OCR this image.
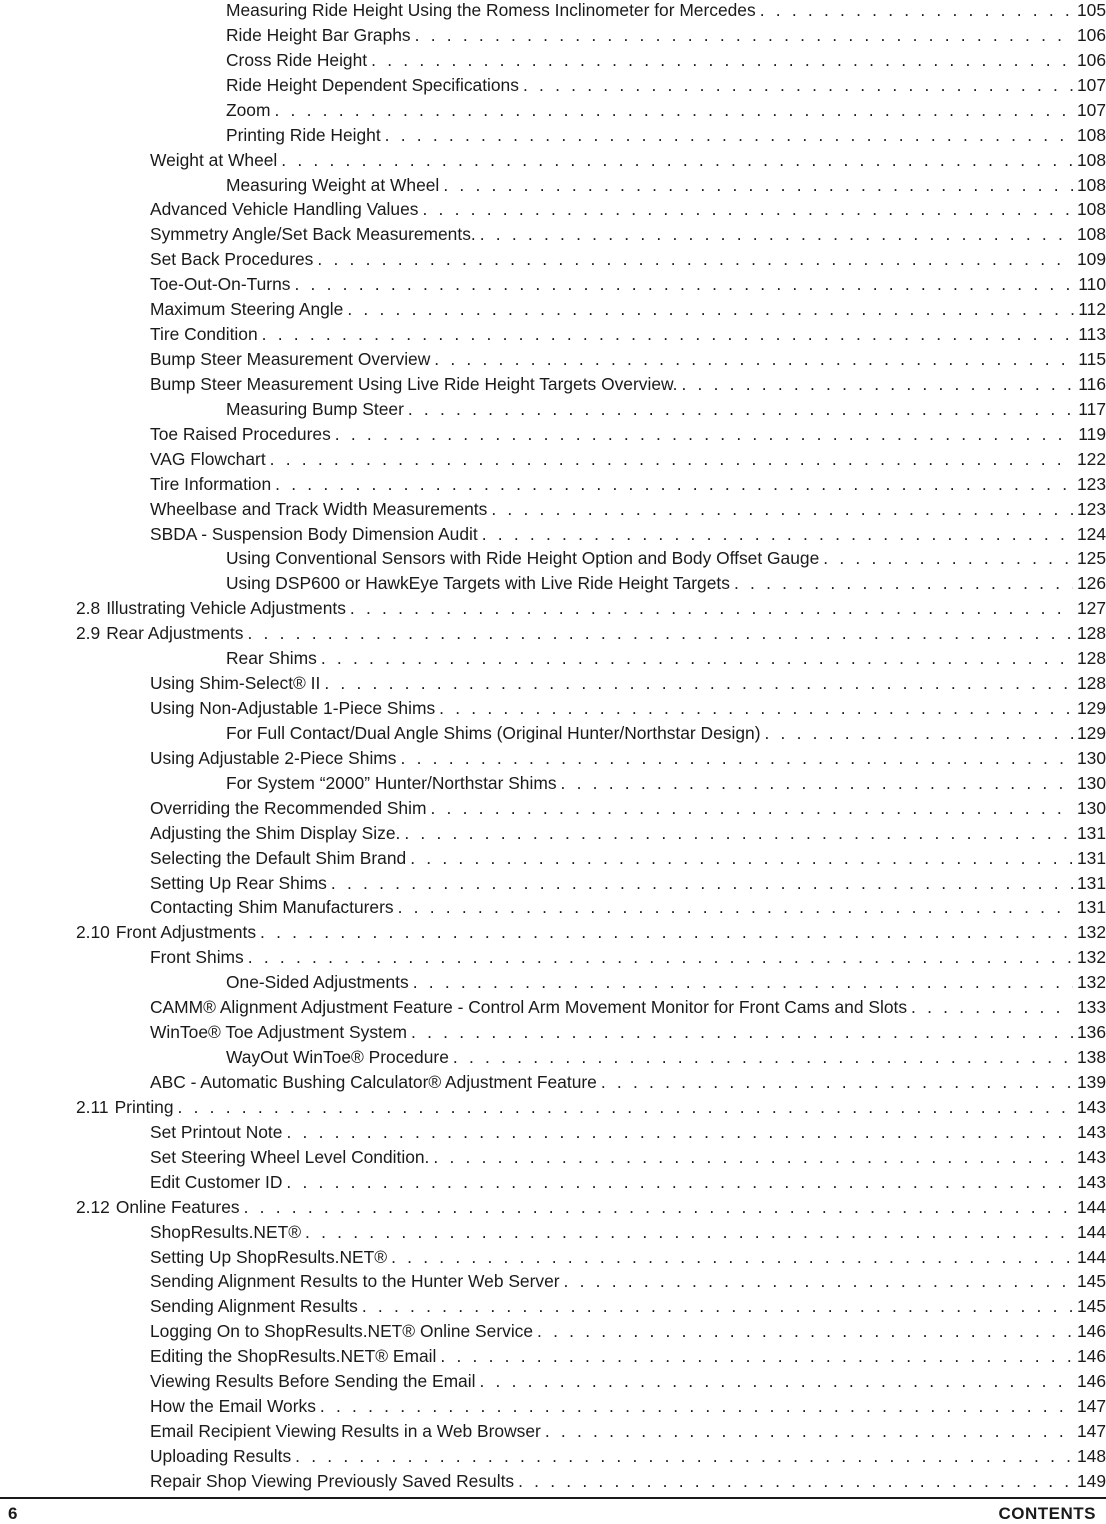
Measuring Ride Height Using the Romess Inclinometer for Mercedes . . .	105
Ride Height Bar Graphs . . .	106
Cross Ride Height . . .	106
Ride Height Dependent Specifications . . .	107
Zoom . . .	107
Printing Ride Height . . .	108
Weight at Wheel . . .	108
Measuring Weight at Wheel . . .	108
Advanced Vehicle Handling Values . . .	108
Symmetry Angle/Set Back Measurements. . . .	108
Set Back Procedures . . .	109
Toe-Out-On-Turns . . .	110
Maximum Steering Angle . . .	112
Tire Condition . . .	113
Bump Steer Measurement Overview . . .	115
Bump Steer Measurement Using Live Ride Height Targets Overview. . . .	116
Measuring Bump Steer . . .	117
Toe Raised Procedures . . .	119
VAG Flowchart . . .	122
Tire Information . . .	123
Wheelbase and Track Width Measurements . . .	123
SBDA - Suspension Body Dimension Audit . . .	124
Using Conventional Sensors with Ride Height Option and Body Offset Gauge . . .	125
Using DSP600 or HawkEye Targets with Live Ride Height Targets . . .	126
2.8 Illustrating Vehicle Adjustments . . .	127
2.9 Rear Adjustments . . .	128
Rear Shims . . .	128
Using Shim-Select® II . . .	128
Using Non-Adjustable 1-Piece Shims . . .	129
For Full Contact/Dual Angle Shims (Original Hunter/Northstar Design) . . .	129
Using Adjustable 2-Piece Shims . . .	130
For System “2000” Hunter/Northstar Shims . . .	130
Overriding the Recommended Shim . . .	130
Adjusting the Shim Display Size. . . .	131
Selecting the Default Shim Brand . . .	131
Setting Up Rear Shims . . .	131
Contacting Shim Manufacturers . . .	131
2.10 Front Adjustments . . .	132
Front Shims . . .	132
One-Sided Adjustments . . .	132
CAMM® Alignment Adjustment Feature - Control Arm Movement Monitor for Front Cams and Slots . . .	133
WinToe® Toe Adjustment System . . .	136
WayOut WinToe® Procedure . . .	138
ABC - Automatic Bushing Calculator® Adjustment Feature . . .	139
2.11 Printing . . .	143
Set Printout Note . . .	143
Set Steering Wheel Level Condition. . . .	143
Edit Customer ID . . .	143
2.12 Online Features . . .	144
ShopResults.NET® . . .	144
Setting Up ShopResults.NET® . . .	144
Sending Alignment Results to the Hunter Web Server . . .	145
Sending Alignment Results . . .	145
Logging On to ShopResults.NET® Online Service . . .	146
Editing the ShopResults.NET® Email . . .	146
Viewing Results Before Sending the Email . . .	146
How the Email Works . . .	147
Email Recipient Viewing Results in a Web Browser . . .	147
Uploading Results . . .	148
Repair Shop Viewing Previously Saved Results . . .	149
6	CONTENTS
